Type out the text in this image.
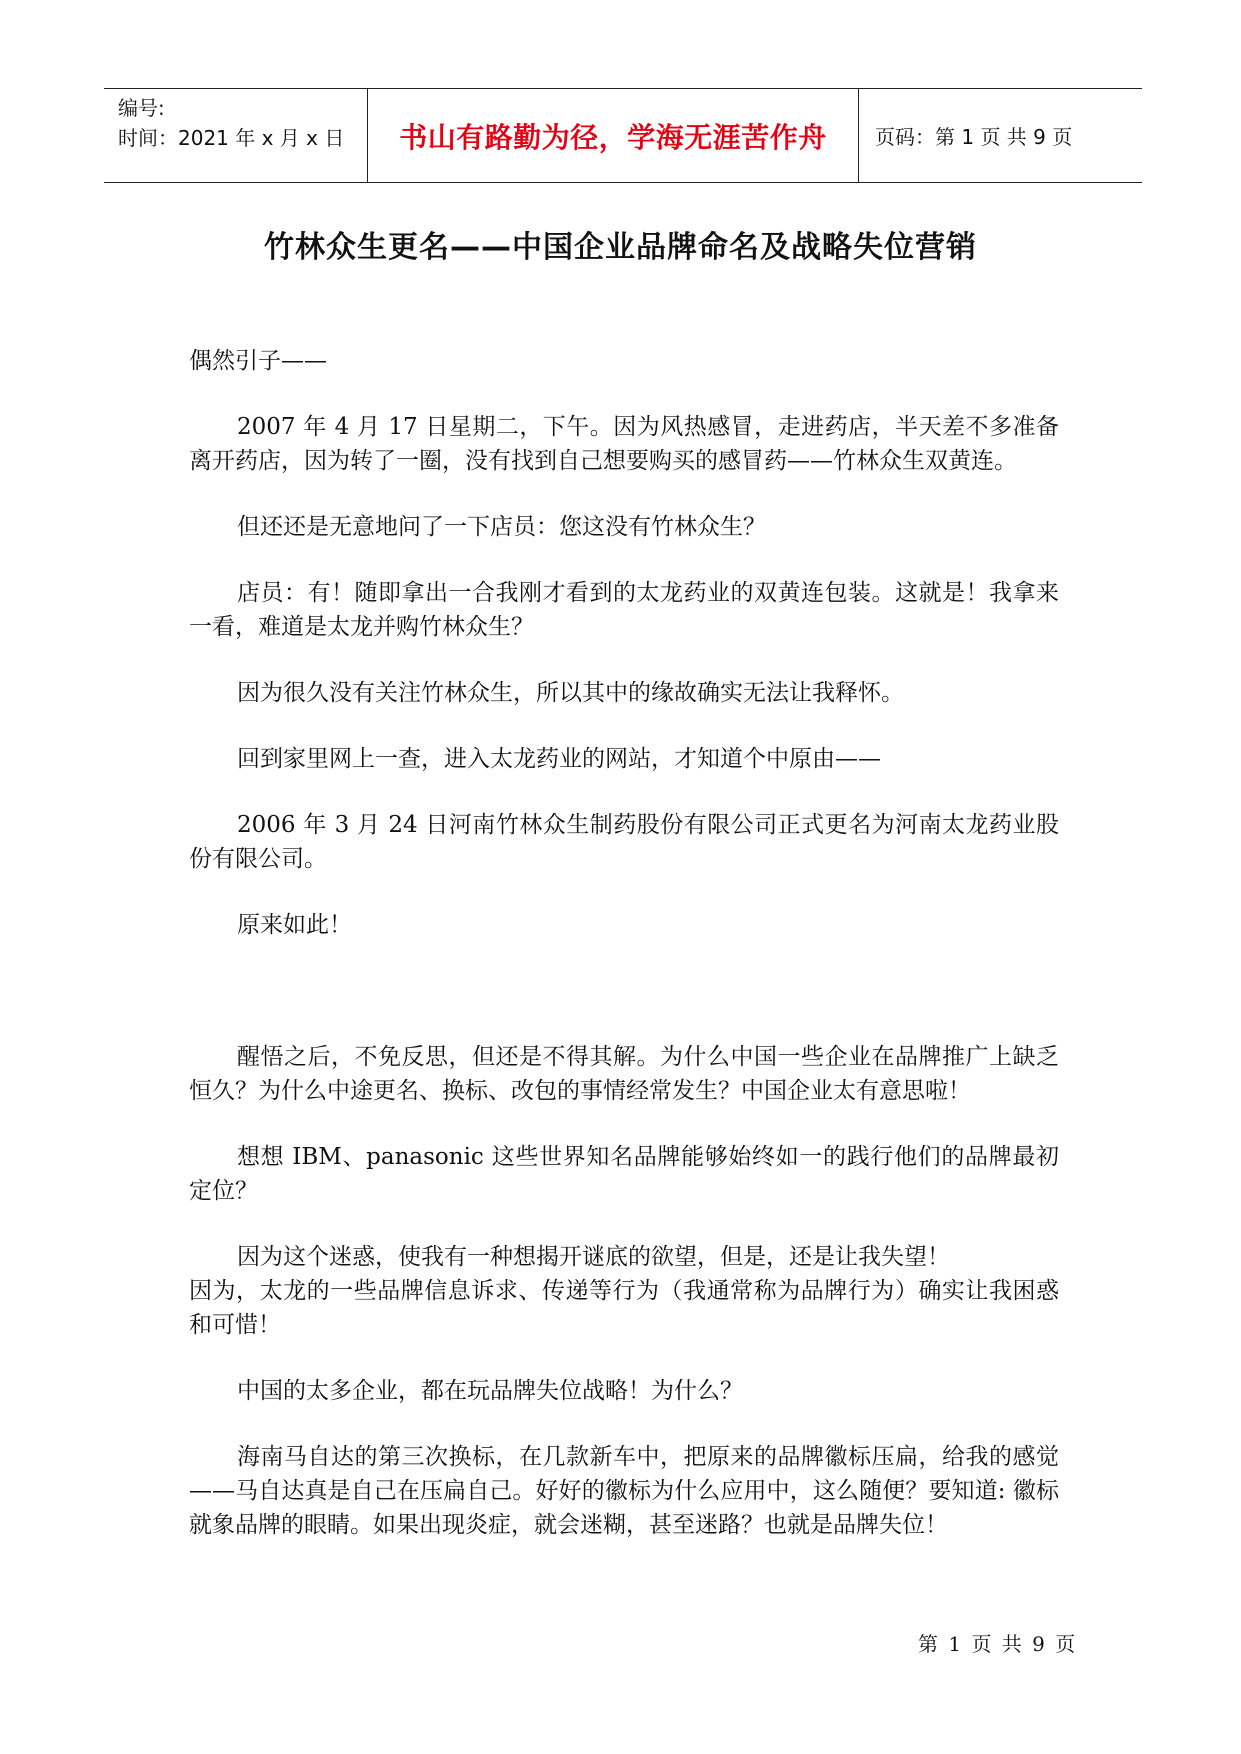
编号:
时间：2021 年 x 月 x 日	书山有路勤为径，学海无涯苦作舟 页码：第 1 页 共 9 页
竹林众生更名——中国企业品牌命名及战略失位营销

偶然引子——

2007 年 4 月 17 日星期二，下午。因为风热感冒，走进药店，半天差不多准备离开药店，因为转了一圈，没有找到自己想要购买的感冒药——竹林众生双黄连。

但还还是无意地问了一下店员：您这没有竹林众生？

店员：有！随即拿出一合我刚才看到的太龙药业的双黄连包装。这就是！我拿来一看，难道是太龙并购竹林众生？

因为很久没有关注竹林众生，所以其中的缘故确实无法让我释怀。

回到家里网上一查，进入太龙药业的网站，才知道个中原由——

2006 年 3 月 24 日河南竹林众生制药股份有限公司正式更名为河南太龙药业股份有限公司。

原来如此！

醒悟之后，不免反思，但还是不得其解。为什么中国一些企业在品牌推广上缺乏恒久？为什么中途更名、换标、改包的事情经常发生？中国企业太有意思啦！

想想 IBM、panasonic 这些世界知名品牌能够始终如一的践行他们的品牌最初定位？

因为这个迷惑，使我有一种想揭开谜底的欲望，但是，还是让我失望！

因为，太龙的一些品牌信息诉求、传递等行为（我通常称为品牌行为）确实让我困惑和可惜！

中国的太多企业，都在玩品牌失位战略！为什么？

海南马自达的第三次换标，在几款新车中，把原来的品牌徽标压扁，给我的感觉——马自达真是自己在压扁自己。好好的徽标为什么应用中，这么随便？要知道: 徽标就象品牌的眼睛。如果出现炎症，就会迷糊，甚至迷路？也就是品牌失位！

第 1 页 共 9 页
